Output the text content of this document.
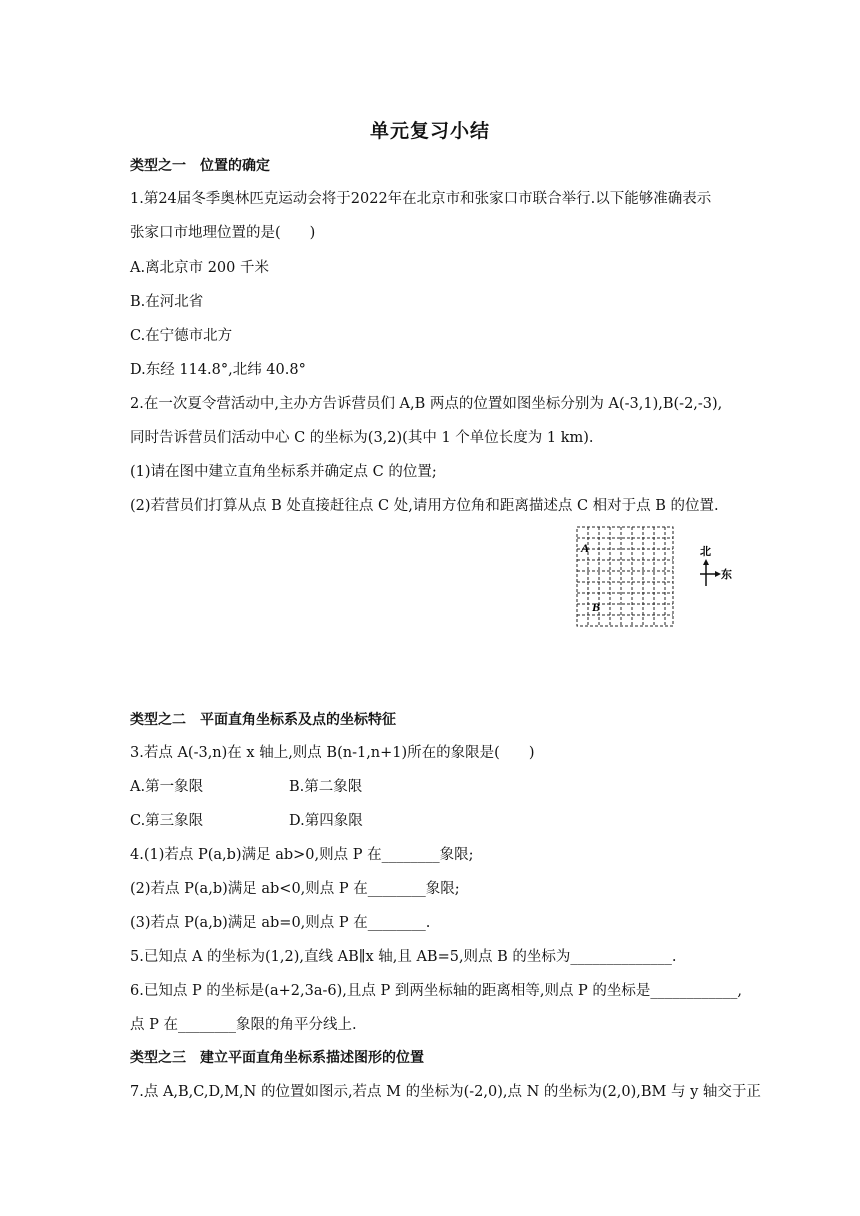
单元复习小结
类型之一　位置的确定
1.第24届冬季奥林匹克运动会将于2022年在北京市和张家口市联合举行.以下能够准确表示
张家口市地理位置的是(　　)
A.离北京市 200 千米
B.在河北省
C.在宁德市北方
D.东经 114.8°,北纬 40.8°
2.在一次夏令营活动中,主办方告诉营员们 A,B 两点的位置如图坐标分别为 A(-3,1),B(-2,-3),
同时告诉营员们活动中心 C 的坐标为(3,2)(其中 1 个单位长度为 1 km).
(1)请在图中建立直角坐标系并确定点 C 的位置;
(2)若营员们打算从点 B 处直接赶往点 C 处,请用方位角和距离描述点 C 相对于点 B 的位置.
A
B
北
东
类型之二　平面直角坐标系及点的坐标特征
3.若点 A(-3,n)在 x 轴上,则点 B(n-1,n+1)所在的象限是(　　)
A.第一象限	B.第二象限
C.第三象限	D.第四象限
4.(1)若点 P(a,b)满足 ab>0,则点 P 在________象限;
(2)若点 P(a,b)满足 ab<0,则点 P 在________象限;
(3)若点 P(a,b)满足 ab=0,则点 P 在________.
5.已知点 A 的坐标为(1,2),直线 AB∥x 轴,且 AB=5,则点 B 的坐标为______________.
6.已知点 P 的坐标是(a+2,3a-6),且点 P 到两坐标轴的距离相等,则点 P 的坐标是____________,
点 P 在________象限的角平分线上.
类型之三　建立平面直角坐标系描述图形的位置
7.点 A,B,C,D,M,N 的位置如图示,若点 M 的坐标为(-2,0),点 N 的坐标为(2,0),BM 与 y 轴交于正
